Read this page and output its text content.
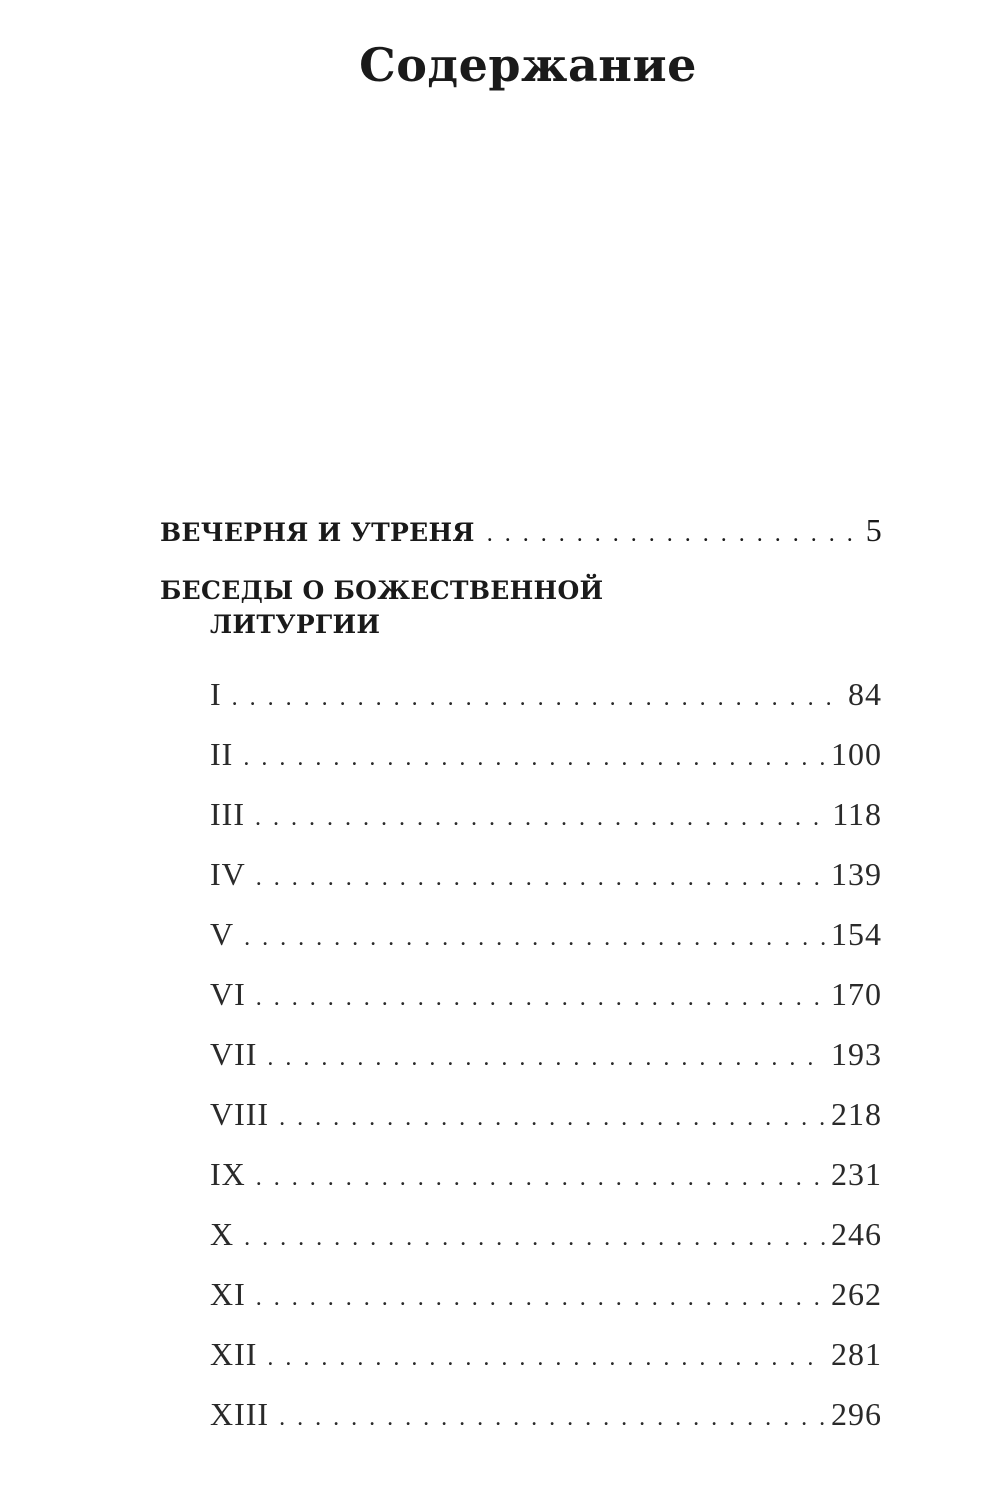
Содержание
ВЕЧЕРНЯ И УТРЕНЯ . . .	5
БЕСЕДЫ О БОЖЕСТВЕННОЙ
ЛИТУРГИИ
I . . .	84
II . . .	100
III . . .	118
IV . . .	139
V . . .	154
VI . . .	170
VII . . .	193
VIII . . .	218
IX . . .	231
X . . .	246
XI . . .	262
XII . . .	281
XIII . . .	296
